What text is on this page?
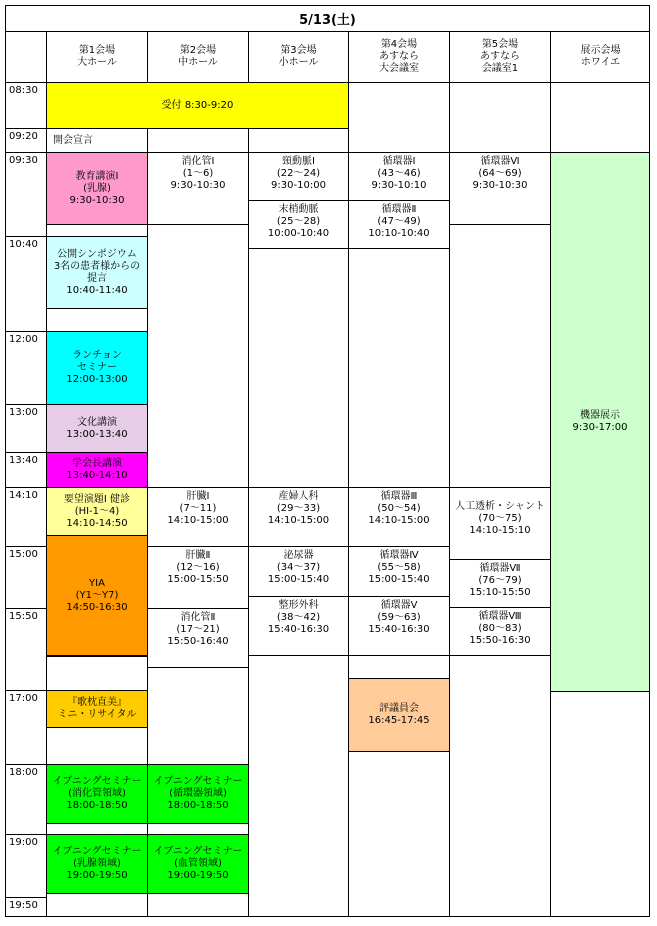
5/13(土)
第1会場
大ホール
第2会場
中ホール
第3会場
小ホール
第4会場
あすなら
大会議室
第5会場
あすなら
会議室1
展示会場
ホワイエ
08:30
09:20
09:30
10:40
12:00
13:00
13:40
14:10
15:00
15:50
17:00
18:00
19:00
19:50
受付 8:30-9:20
開会宣言
教育講演Ⅰ
(乳腺)
9:30-10:30
公開シンポジウム
3名の患者様からの
提言
10:40-11:40
ランチョン
セミナー
12:00-13:00
文化講演
13:00-13:40
学会長講演
13:40-14:10
要望演題Ⅰ 健診
(HⅠ-1～4)
14:10-14:50
YIA
(Y1～Y7)
14:50-16:30
『歌枕直美』
ミニ・リサイタル
イブニングセミナー
(消化管領域)
18:00-18:50
イブニングセミナー
(乳腺領域)
19:00-19:50
消化管Ⅰ
(1～6)
9:30-10:30
肝臓Ⅰ
(7～11)
14:10-15:00
肝臓Ⅱ
(12～16)
15:00-15:50
消化管Ⅱ
(17～21)
15:50-16:40
イブニングセミナー
(循環器領域)
18:00-18:50
イブニングセミナー
(血管領域)
19:00-19:50
頸動脈Ⅰ
(22～24)
9:30-10:00
末梢動脈
(25～28)
10:00-10:40
産婦人科
(29～33)
14:10-15:00
泌尿器
(34～37)
15:00-15:40
整形外科
(38～42)
15:40-16:30
循環器Ⅰ
(43～46)
9:30-10:10
循環器Ⅱ
(47～49)
10:10-10:40
循環器Ⅲ
(50～54)
14:10-15:00
循環器Ⅳ
(55～58)
15:00-15:40
循環器Ⅴ
(59～63)
15:40-16:30
評議員会
16:45-17:45
循環器Ⅵ
(64～69)
9:30-10:30
人工透析・シャント
(70～75)
14:10-15:10
循環器Ⅶ
(76～79)
15:10-15:50
循環器Ⅷ
(80～83)
15:50-16:30
機器展示
9:30-17:00
